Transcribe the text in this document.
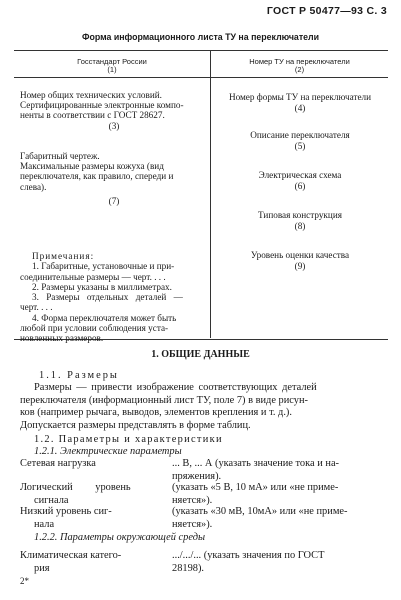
ГОСТ Р 50477—93 С. 3
Форма информационного листа ТУ на переключатели
Госстандарт России
(1)
Номер ТУ на переключатели
(2)
Номер общих технических условий.
Сертифицированные электронные компо-
ненты в соответствии с ГОСТ 28627.
(3)
Габаритный чертеж.
Максимальные размеры кожуха (вид
переключателя, как правило, спереди и
слева).
(7)
Примечания:
1. Габаритные, установочные и при-
соединительные размеры — черт. . . .
2. Размеры указаны в миллиметрах.
3. Размеры отдельных деталей —
черт. . . .
4. Форма переключателя может быть
любой при условии соблюдения уста-
новленных размеров.
Номер формы ТУ на переключатели
(4)
Описание переключателя
(5)
Электрическая схема
(6)
Типовая конструкция
(8)
Уровень оценки качества
(9)
1. ОБЩИЕ ДАННЫЕ
1.1. Размеры
Размеры — привести изображение соответствующих деталей
переключателя (информационный лист ТУ, поле 7) в виде рисун-
ков (например рычага, выводов, элементов крепления и т. д.).
Допускается размеры представлять в форме таблиц.
1.2. Параметры и характеристики
1.2.1. Электрические параметры
Сетевая нагрузка	... В, ... А (указать значение тока и на-
пряжения).
Логический уровень
сигнала
(указать «5 В, 10 мА» или «не приме-
няется»).
Низкий уровень сиг-
нала
(указать «30 мВ, 10мА» или «не приме-
няется»).
1.2.2. Параметры окружающей среды
Климатическая катего-
рия
.../.../... (указать значения по ГОСТ
28198).
2*
